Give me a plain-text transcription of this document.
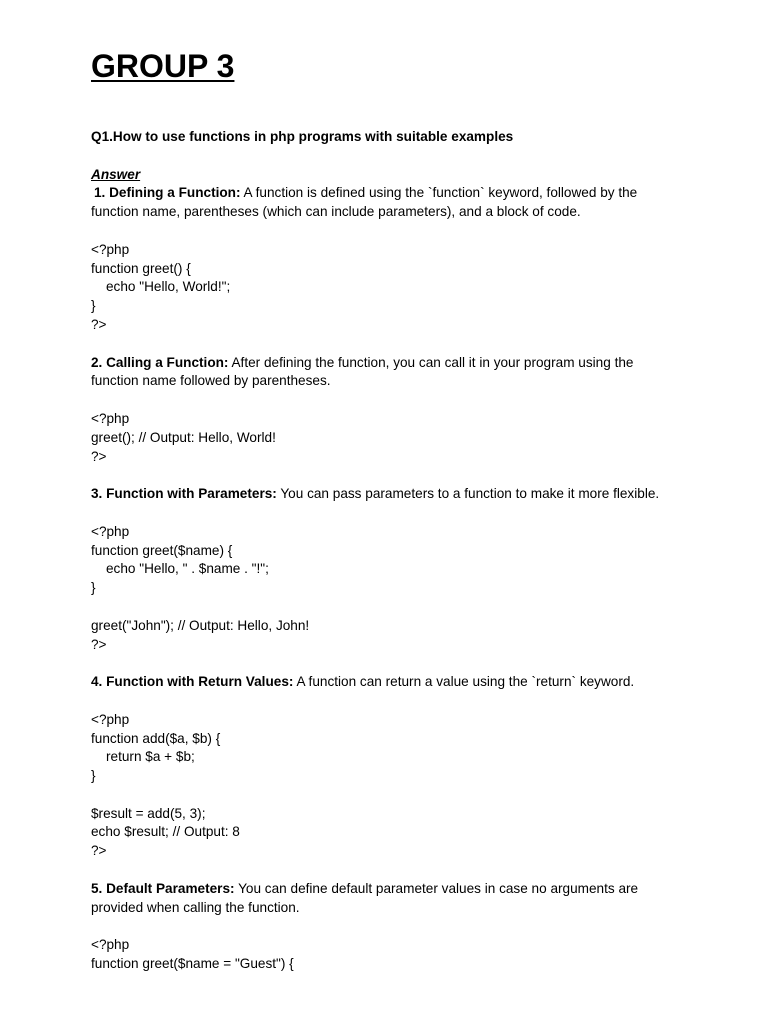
GROUP 3
Q1.How to use functions in php programs with suitable examples
Answer
1. Defining a Function: A function is defined using the `function` keyword, followed by the
function name, parentheses (which can include parameters), and a block of code.
<?php
function greet() {
echo "Hello, World!";
}
?>
2. Calling a Function: After defining the function, you can call it in your program using the
function name followed by parentheses.
<?php
greet(); // Output: Hello, World!
?>
3. Function with Parameters: You can pass parameters to a function to make it more flexible.
<?php
function greet($name) {
echo "Hello, " . $name . "!";
}
greet("John"); // Output: Hello, John!
?>
4. Function with Return Values: A function can return a value using the `return` keyword.
<?php
function add($a, $b) {
return $a + $b;
}
$result = add(5, 3);
echo $result; // Output: 8
?>
5. Default Parameters: You can define default parameter values in case no arguments are
provided when calling the function.
<?php
function greet($name = "Guest") {
